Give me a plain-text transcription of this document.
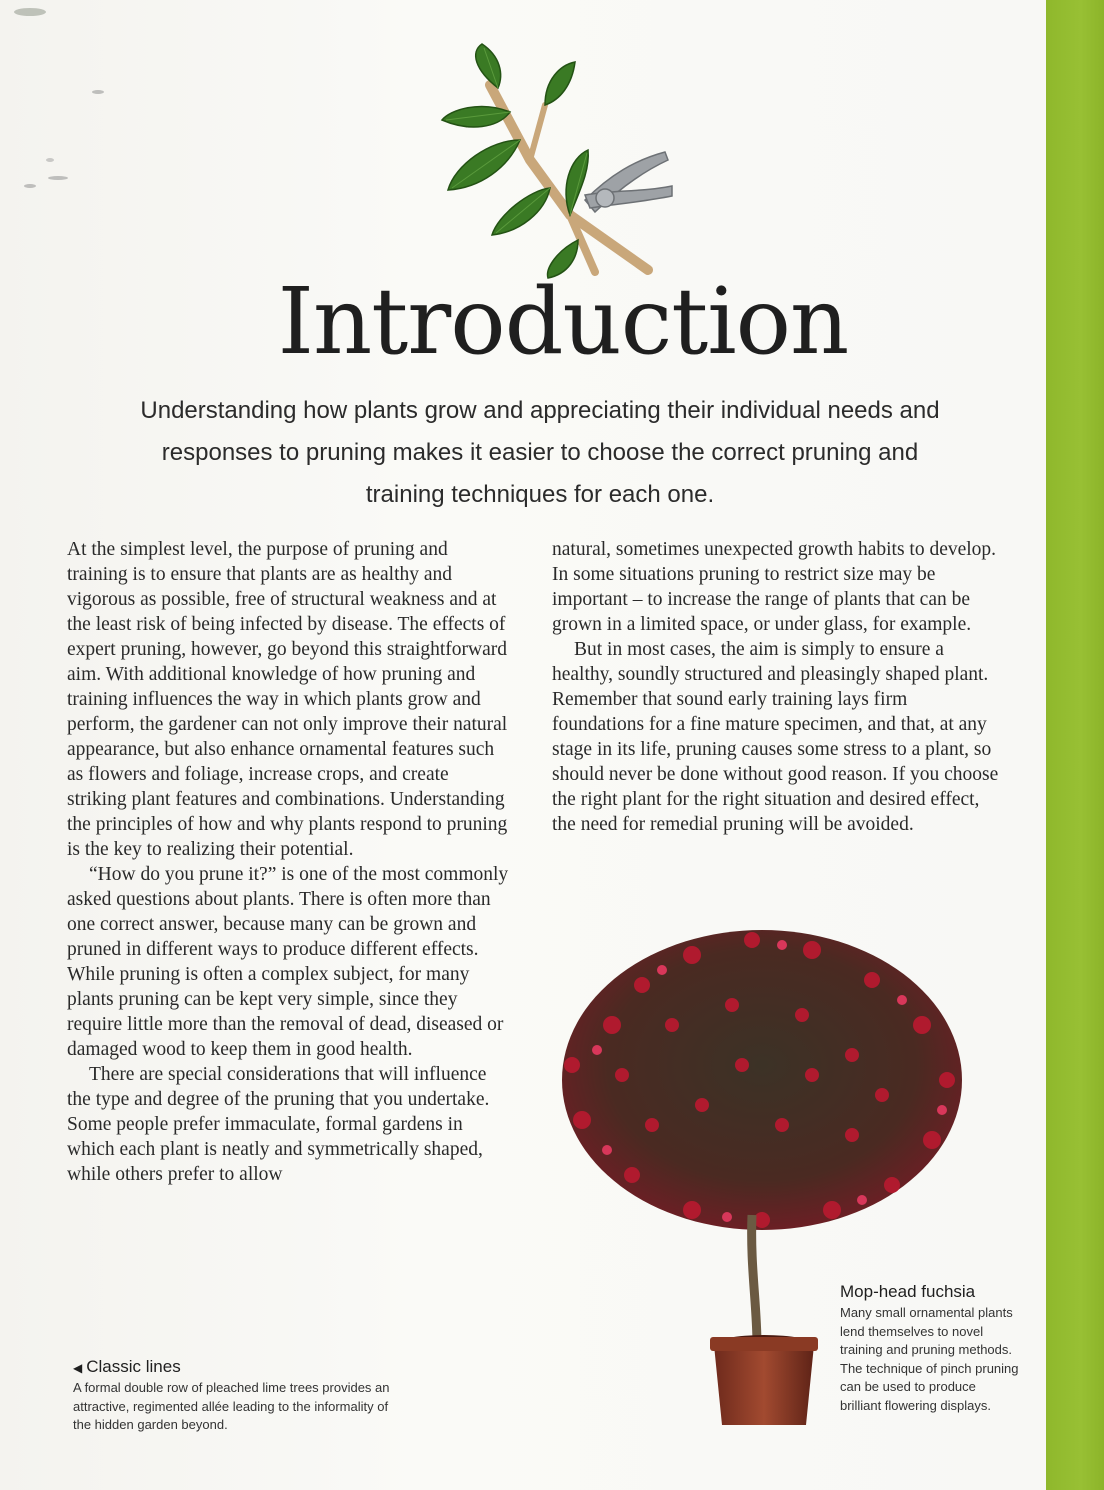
Introduction
Understanding how plants grow and appreciating their individual needs and responses to pruning makes it easier to choose the correct pruning and training techniques for each one.

At the simplest level, the purpose of pruning and training is to ensure that plants are as healthy and vigorous as possible, free of structural weakness and at the least risk of being infected by disease. The effects of expert pruning, however, go beyond this straightforward aim. With additional knowledge of how pruning and training influences the way in which plants grow and perform, the gardener can not only improve their natural appearance, but also enhance ornamental features such as flowers and foliage, increase crops, and create striking plant features and combinations. Understanding the principles of how and why plants respond to pruning is the key to realizing their potential.

“How do you prune it?” is one of the most commonly asked questions about plants. There is often more than one correct answer, because many can be grown and pruned in different ways to produce different effects. While pruning is often a complex subject, for many plants pruning can be kept very simple, since they require little more than the removal of dead, diseased or damaged wood to keep them in good health.

There are special considerations that will influence the type and degree of the pruning that you undertake. Some people prefer immaculate, formal gardens in which each plant is neatly and symmetrically shaped, while others prefer to allow

natural, sometimes unexpected growth habits to develop. In some situations pruning to restrict size may be important – to increase the range of plants that can be grown in a limited space, or under glass, for example.

But in most cases, the aim is simply to ensure a healthy, soundly structured and pleasingly shaped plant. Remember that sound early training lays firm foundations for a fine mature specimen, and that, at any stage in its life, pruning causes some stress to a plant, so should never be done without good reason. If you choose the right plant for the right situation and desired effect, the need for remedial pruning will be avoided.

Mop-head fuchsia
Many small ornamental plants lend themselves to novel training and pruning methods. The technique of pinch pruning can be used to produce brilliant flowering displays.
◀ Classic lines
A formal double row of pleached lime trees provides an attractive, regimented allée leading to the informality of the hidden garden beyond.
